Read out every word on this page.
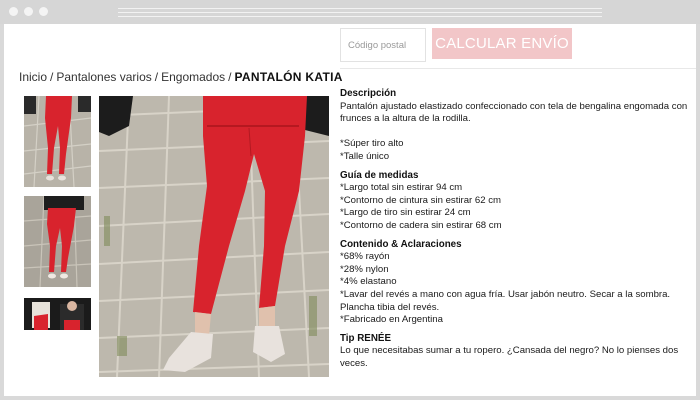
Código postal
CALCULAR ENVÍO
Inicio / Pantalones varios / Engomados / PANTALÓN KATIA
Descripción

Pantalón ajustado elastizado confeccionado con tela de bengalina engomada con frunces a la altura de la rodilla.

*Súper tiro alto

*Talle único

Guía de medidas

*Largo total sin estirar 94 cm

*Contorno de cintura sin estirar 62 cm

*Largo de tiro sin estirar 24 cm

*Contorno de cadera sin estirar 68 cm

Contenido & Aclaraciones

*68% rayón

*28% nylon

*4% elastano

*Lavar del revés a mano con agua fría. Usar jabón neutro. Secar a la sombra. Plancha tibia del revés.

*Fabricado en Argentina

Tip RENÉE

Lo que necesitabas sumar a tu ropero. ¿Cansada del negro? No lo pienses dos veces.
